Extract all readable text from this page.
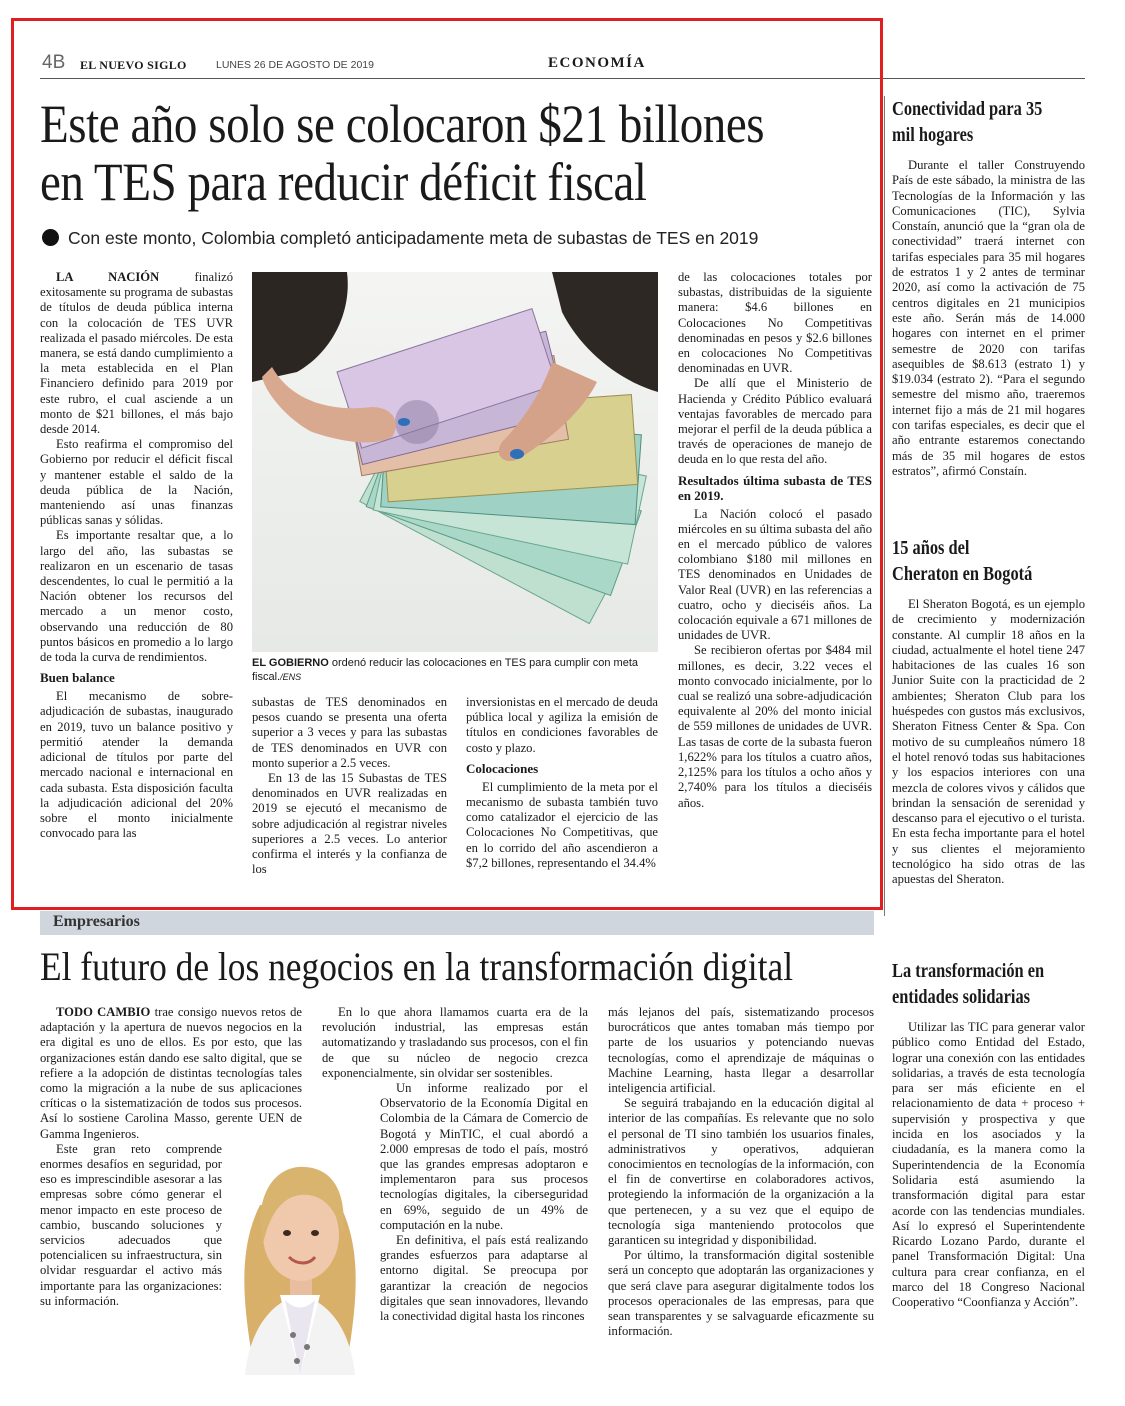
4B EL NUEVO SIGLO	LUNES 26 DE AGOSTO DE 2019	ECONOMÍA
Este año solo se colocaron $21 billones
en TES para reducir déficit fiscal
Con este monto, Colombia completó anticipadamente meta de subastas de TES en 2019

LA NACIÓN finalizó exitosamente su programa de subastas de títulos de deuda pública interna con la colocación de TES UVR realizada el pasado miércoles. De esta manera, se está dando cumplimiento a la meta establecida en el Plan Financiero definido para 2019 por este rubro, el cual asciende a un monto de $21 billones, el más bajo desde 2014.

Esto reafirma el compromiso del Gobierno por reducir el déficit fiscal y mantener estable el saldo de la deuda pública de la Nación, manteniendo así unas finanzas públicas sanas y sólidas.

Es importante resaltar que, a lo largo del año, las subastas se realizaron en un escenario de tasas descendentes, lo cual le permitió a la Nación obtener los recursos del mercado a un menor costo, observando una reducción de 80 puntos básicos en promedio a lo largo de toda la curva de rendimientos.

Buen balance

El mecanismo de sobre-adjudicación de subastas, inaugurado en 2019, tuvo un balance positivo y permitió atender la demanda adicional de títulos por parte del mercado nacional e internacional en cada subasta. Esta disposición faculta la adjudicación adicional del 20% sobre el monto inicialmente convocado para las

EL GOBIERNO ordenó reducir las colocaciones en TES para cumplir con meta fiscal./ENS

subastas de TES denominados en pesos cuando se presenta una oferta superior a 3 veces y para las subastas de TES denominados en UVR con monto superior a 2.5 veces.

En 13 de las 15 Subastas de TES denominados en UVR realizadas en 2019 se ejecutó el mecanismo de sobre adjudicación al registrar niveles superiores a 2.5 veces. Lo anterior confirma el interés y la confianza de los

inversionistas en el mercado de deuda pública local y agiliza la emisión de títulos en condiciones favorables de costo y plazo.

Colocaciones

El cumplimiento de la meta por el mecanismo de subasta también tuvo como catalizador el ejercicio de las Colocaciones No Competitivas, que en lo corrido del año ascendieron a $7,2 billones, representando el 34.4%

de las colocaciones totales por subastas, distribuidas de la siguiente manera: $4.6 billones en Colocaciones No Competitivas denominadas en pesos y $2.6 billones en colocaciones No Competitivas denominadas en UVR.

De allí que el Ministerio de Hacienda y Crédito Público evaluará ventajas favorables de mercado para mejorar el perfil de la deuda pública a través de operaciones de manejo de deuda en lo que resta del año.

Resultados última subasta de TES en 2019.

La Nación colocó el pasado miércoles en su última subasta del año en el mercado público de valores colombiano $180 mil millones en TES denominados en Unidades de Valor Real (UVR) en las referencias a cuatro, ocho y dieciséis años. La colocación equivale a 671 millones de unidades de UVR.

Se recibieron ofertas por $484 mil millones, es decir, 3.22 veces el monto convocado inicialmente, por lo cual se realizó una sobre-adjudicación equivalente al 20% del monto inicial de 559 millones de unidades de UVR. Las tasas de corte de la subasta fueron 1,622% para los títulos a cuatro años, 2,125% para los títulos a ocho años y 2,740% para los títulos a dieciséis años.

Conectividad para 35 mil hogares

Durante el taller Construyendo País de este sábado, la ministra de las Tecnologías de la Información y las Comunicaciones (TIC), Sylvia Constaín, anunció que la “gran ola de conectividad” traerá internet con tarifas especiales para 35 mil hogares de estratos 1 y 2 antes de terminar 2020, así como la activación de 75 centros digitales en 21 municipios este año. Serán más de 14.000 hogares con internet en el primer semestre de 2020 con tarifas asequibles de $8.613 (estrato 1) y $19.034 (estrato 2). “Para el segundo semestre del mismo año, traeremos internet fijo a más de 21 mil hogares con tarifas especiales, es decir que el año entrante estaremos conectando más de 35 mil hogares de estos estratos”, afirmó Constaín.

15 años del Cheraton en Bogotá

El Sheraton Bogotá, es un ejemplo de crecimiento y modernización constante. Al cumplir 18 años en la ciudad, actualmente el hotel tiene 247 habitaciones de las cuales 16 son Junior Suite con la practicidad de 2 ambientes; Sheraton Club para los huéspedes con gustos más exclusivos, Sheraton Fitness Center & Spa. Con motivo de su cumpleaños número 18 el hotel renovó todas sus habitaciones y los espacios interiores con una mezcla de colores vivos y cálidos que brindan la sensación de serenidad y descanso para el ejecutivo o el turista. En esta fecha importante para el hotel y sus clientes el mejoramiento tecnológico ha sido otras de las apuestas del Sheraton.

La transformación en entidades solidarias

Utilizar las TIC para generar valor público como Entidad del Estado, lograr una conexión con las entidades solidarias, a través de esta tecnología para ser más eficiente en el relacionamiento de data + proceso + supervisión y prospectiva y que incida en los asociados y la ciudadanía, es la manera como la Superintendencia de la Economía Solidaria está asumiendo la transformación digital para estar acorde con las tendencias mundiales. Así lo expresó el Superintendente Ricardo Lozano Pardo, durante el panel Transformación Digital: Una cultura para crear confianza, en el marco del 18 Congreso Nacional Cooperativo “Coonfianza y Acción”.

Empresarios
El futuro de los negocios en la transformación digital

TODO CAMBIO trae consigo nuevos retos de adaptación y la apertura de nuevos negocios en la era digital es uno de ellos. Es por esto, que las organizaciones están dando ese salto digital, que se refiere a la adopción de distintas tecnologías tales como la migración a la nube de sus aplicaciones críticas o la sistematización de todos sus procesos. Así lo sostiene Carolina Masso, gerente UEN de Gamma Ingenieros.

Este gran reto comprende enormes desafíos en seguridad, por eso es imprescindible asesorar a las empresas sobre cómo generar el menor impacto en este proceso de cambio, buscando soluciones y servicios adecuados que potencialicen su infraestructura, sin olvidar resguardar el activo más importante para las organizaciones: su información.

En lo que ahora llamamos cuarta era de la revolución industrial, las empresas están automatizando y trasladando sus procesos, con el fin de que su núcleo de negocio crezca exponencialmente, sin olvidar ser sostenibles.

Un informe realizado por el Observatorio de la Economía Digital en Colombia de la Cámara de Comercio de Bogotá y MinTIC, el cual abordó a 2.000 empresas de todo el país, mostró que las grandes empresas adoptaron e implementaron para sus procesos tecnologías digitales, la ciberseguridad en 69%, seguido de un 49% de computación en la nube.

En definitiva, el país está realizando grandes esfuerzos para adaptarse al entorno digital. Se preocupa por garantizar la creación de negocios digitales que sean innovadores, llevando la conectividad digital hasta los rincones

más lejanos del país, sistematizando procesos burocráticos que antes tomaban más tiempo por parte de los usuarios y potenciando nuevas tecnologías, como el aprendizaje de máquinas o Machine Learning, hasta llegar a desarrollar inteligencia artificial.

Se seguirá trabajando en la educación digital al interior de las compañías. Es relevante que no solo el personal de TI sino también los usuarios finales, administrativos y operativos, adquieran conocimientos en tecnologías de la información, con el fin de convertirse en colaboradores activos, protegiendo la información de la organización a la que pertenecen, y a su vez que el equipo de tecnología siga manteniendo protocolos que garanticen su integridad y disponibilidad.

Por último, la transformación digital sostenible será un concepto que adoptarán las organizaciones y que será clave para asegurar digitalmente todos los procesos operacionales de las empresas, para que sean transparentes y se salvaguarde eficazmente su información.
